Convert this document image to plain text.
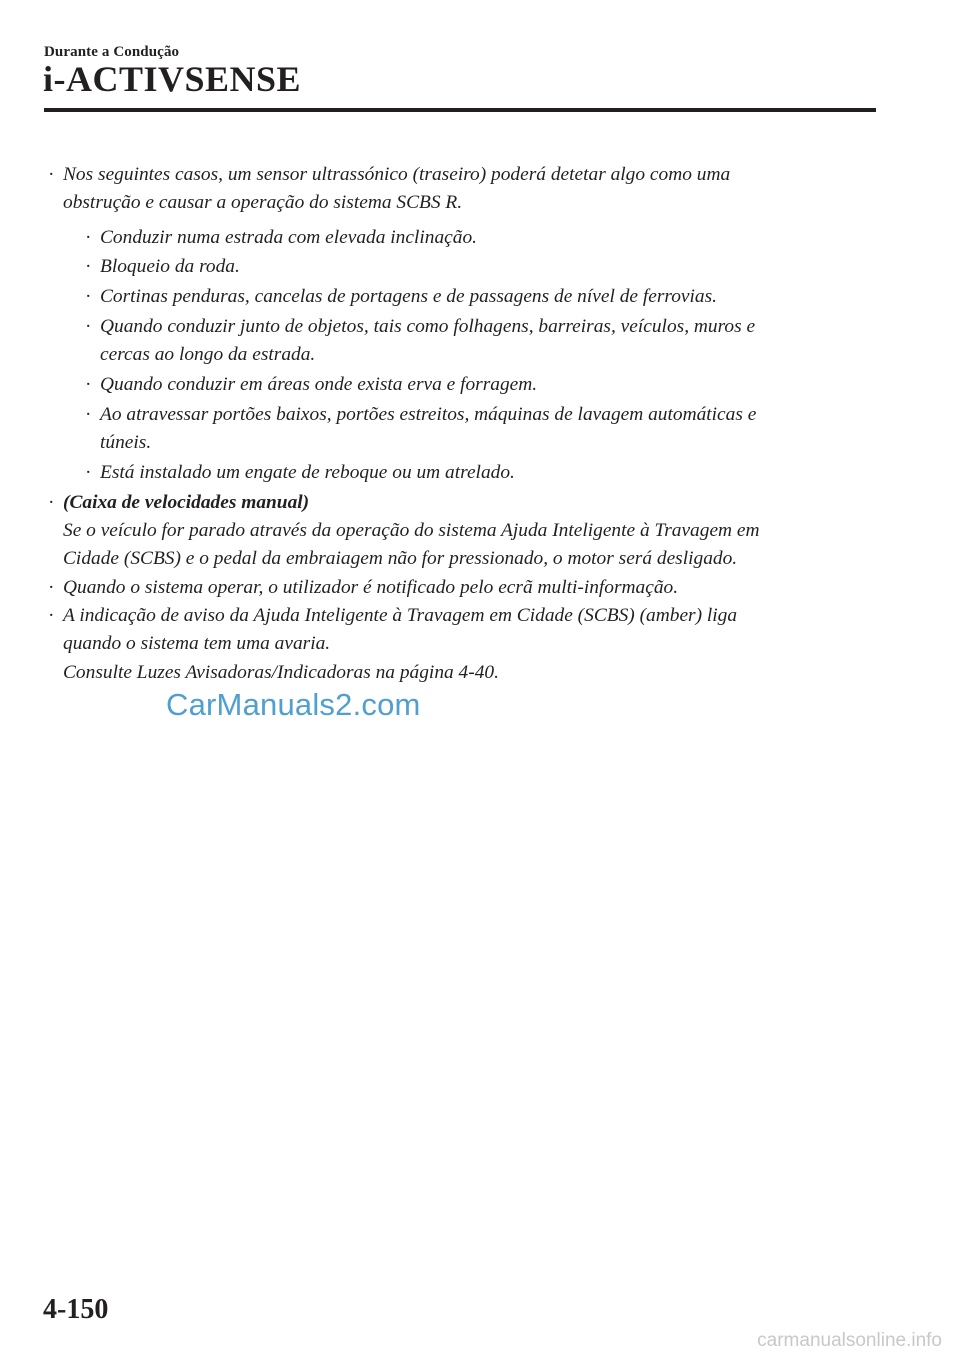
Durante a Condução
i-ACTIVSENSE
· Nos seguintes casos, um sensor ultrassónico (traseiro) poderá detetar algo como uma
obstrução e causar a operação do sistema SCBS R.
· Conduzir numa estrada com elevada inclinação.
· Bloqueio da roda.
· Cortinas penduras, cancelas de portagens e de passagens de nível de ferrovias.
· Quando conduzir junto de objetos, tais como folhagens, barreiras, veículos, muros e
cercas ao longo da estrada.
· Quando conduzir em áreas onde exista erva e forragem.
· Ao atravessar portões baixos, portões estreitos, máquinas de lavagem automáticas e
túneis.
· Está instalado um engate de reboque ou um atrelado.
· (Caixa de velocidades manual)
Se o veículo for parado através da operação do sistema Ajuda Inteligente à Travagem em
Cidade (SCBS) e o pedal da embraiagem não for pressionado, o motor será desligado.
· Quando o sistema operar, o utilizador é notificado pelo ecrã multi-informação.
· A indicação de aviso da Ajuda Inteligente à Travagem em Cidade (SCBS) (amber) liga
quando o sistema tem uma avaria.
Consulte Luzes Avisadoras/Indicadoras na página 4-40.
CarManuals2.com
4-150
carmanualsonline.info
